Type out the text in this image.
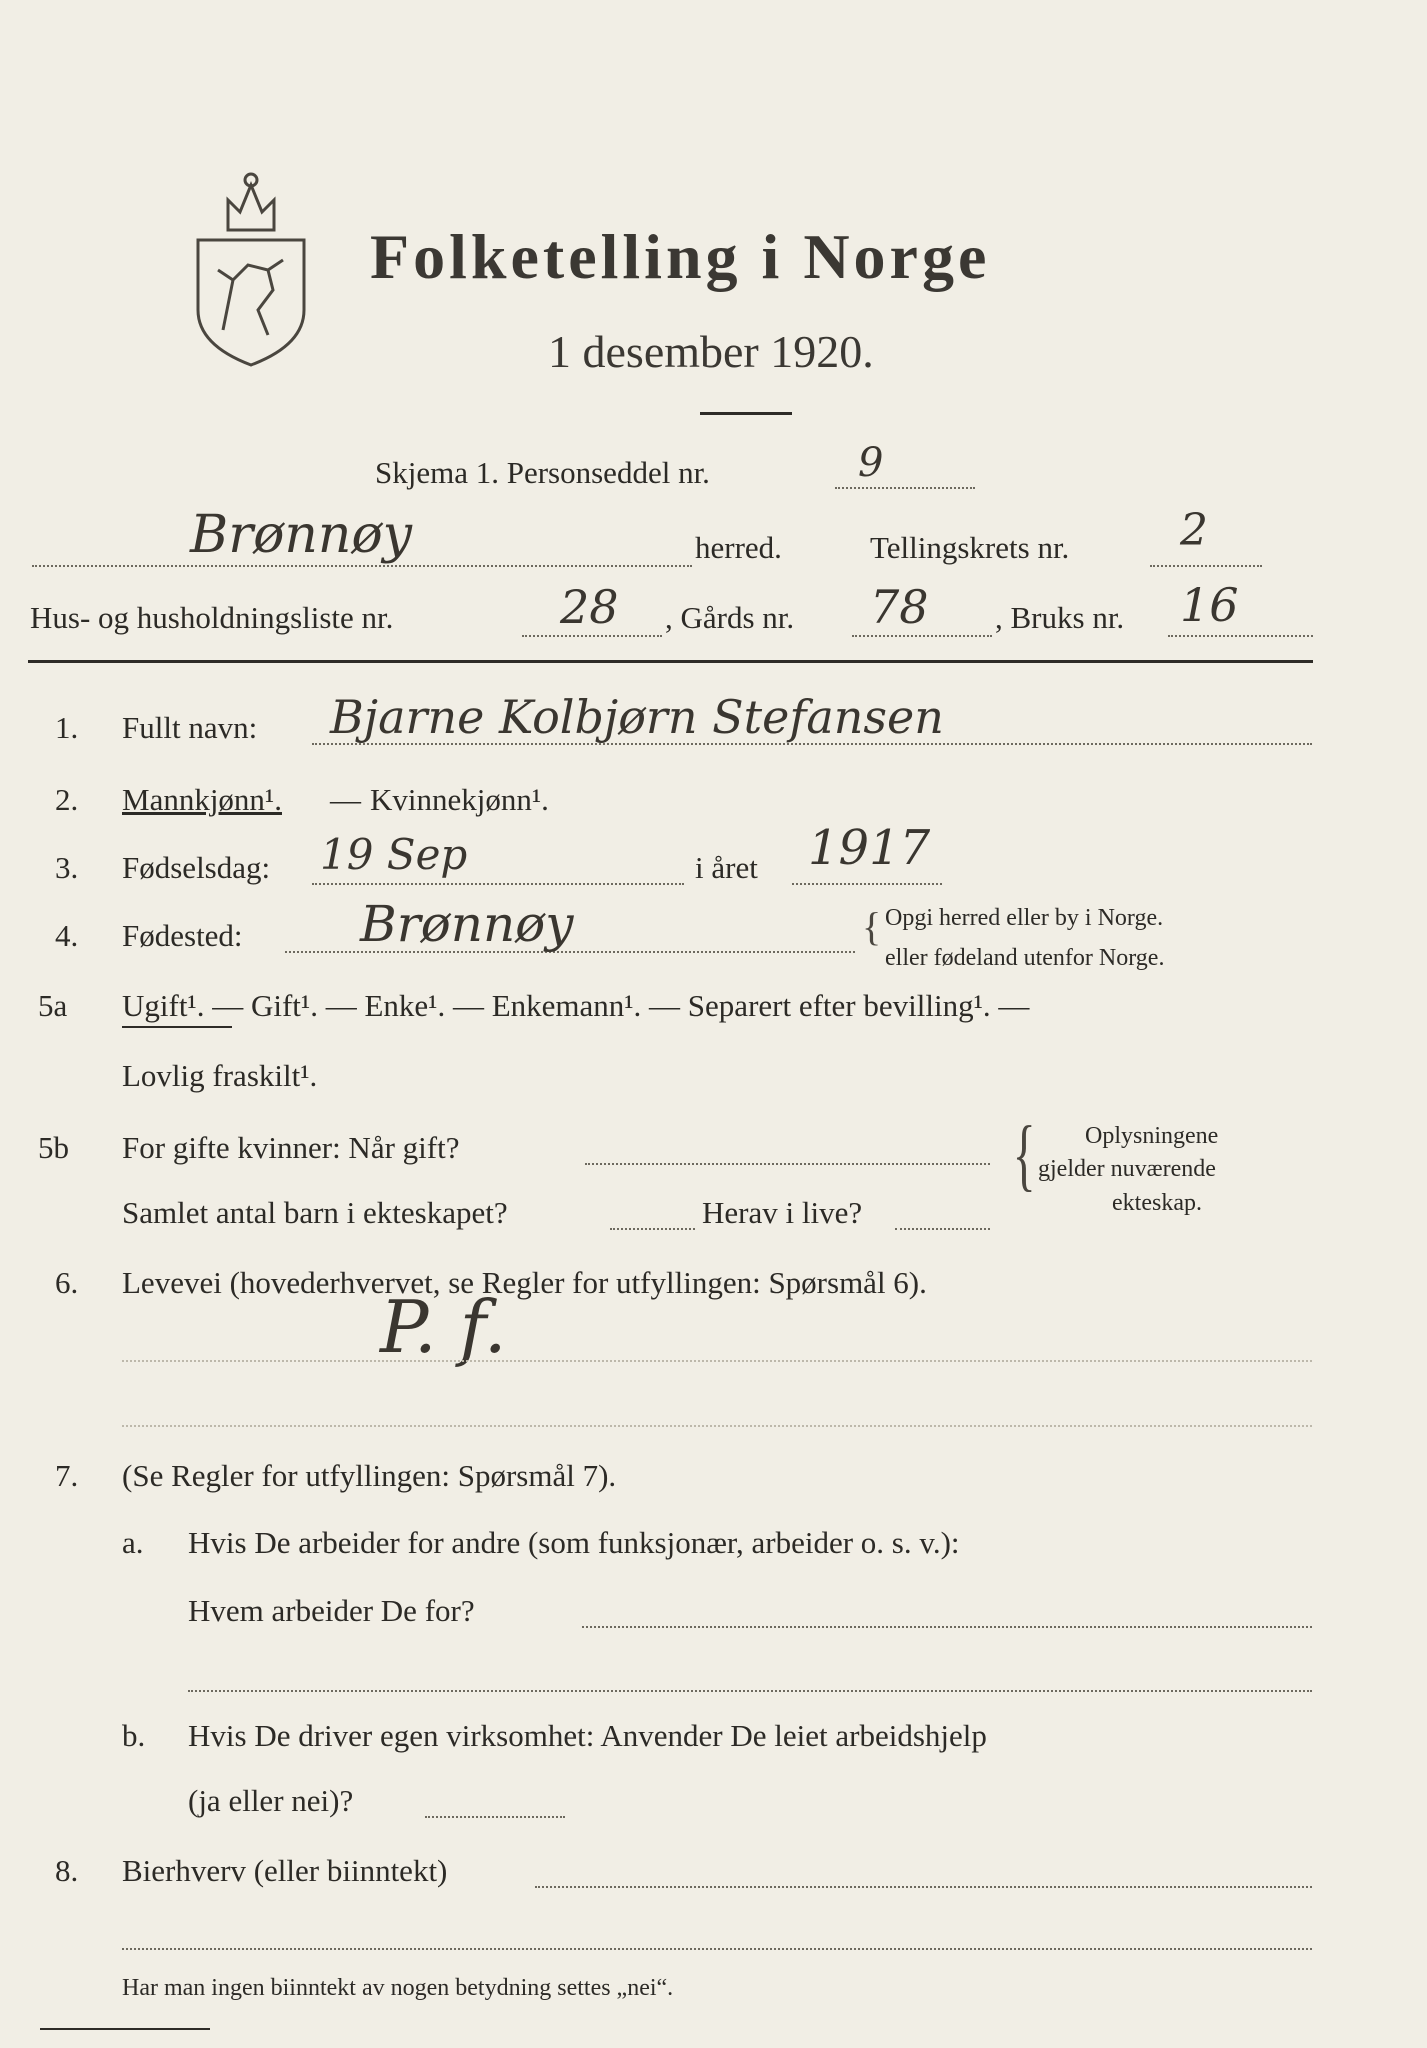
Folketelling i Norge
1 desember 1920.
Skjema 1. Personseddel nr.	9
Brønnøy	herred.	Tellingskrets nr.	2
Hus- og husholdningsliste nr.	28 , Gårds nr. 78 , Bruks nr. 16
1. Fullt navn: Bjarne Kolbjørn Stefansen
2. Mannkjønn¹. — Kvinnekjønn¹.
3. Fødselsdag: 19 Sep	i året 1917
4. Fødested: Brønnøy	{ Opgi herred eller by i Norge.
eller fødeland utenfor Norge.
5a Ugift¹. — Gift¹. — Enke¹. — Enkemann¹. — Separert efter bevilling¹. —
Lovlig fraskilt¹.
5b For gifte kvinner: Når gift?
Samlet antal barn i ekteskapet?	Herav i live?
{ Oplysningene
gjelder nuværende
ekteskap.
6. Levevei (hovederhvervet, se Regler for utfyllingen: Spørsmål 6).
P. f.
7. (Se Regler for utfyllingen: Spørsmål 7).
a. Hvis De arbeider for andre (som funksjonær, arbeider o. s. v.):
Hvem arbeider De for?
b. Hvis De driver egen virksomhet: Anvender De leiet arbeidshjelp
(ja eller nei)?
8. Bierhverv (eller biinntekt)
Har man ingen biinntekt av nogen betydning settes „nei“.
